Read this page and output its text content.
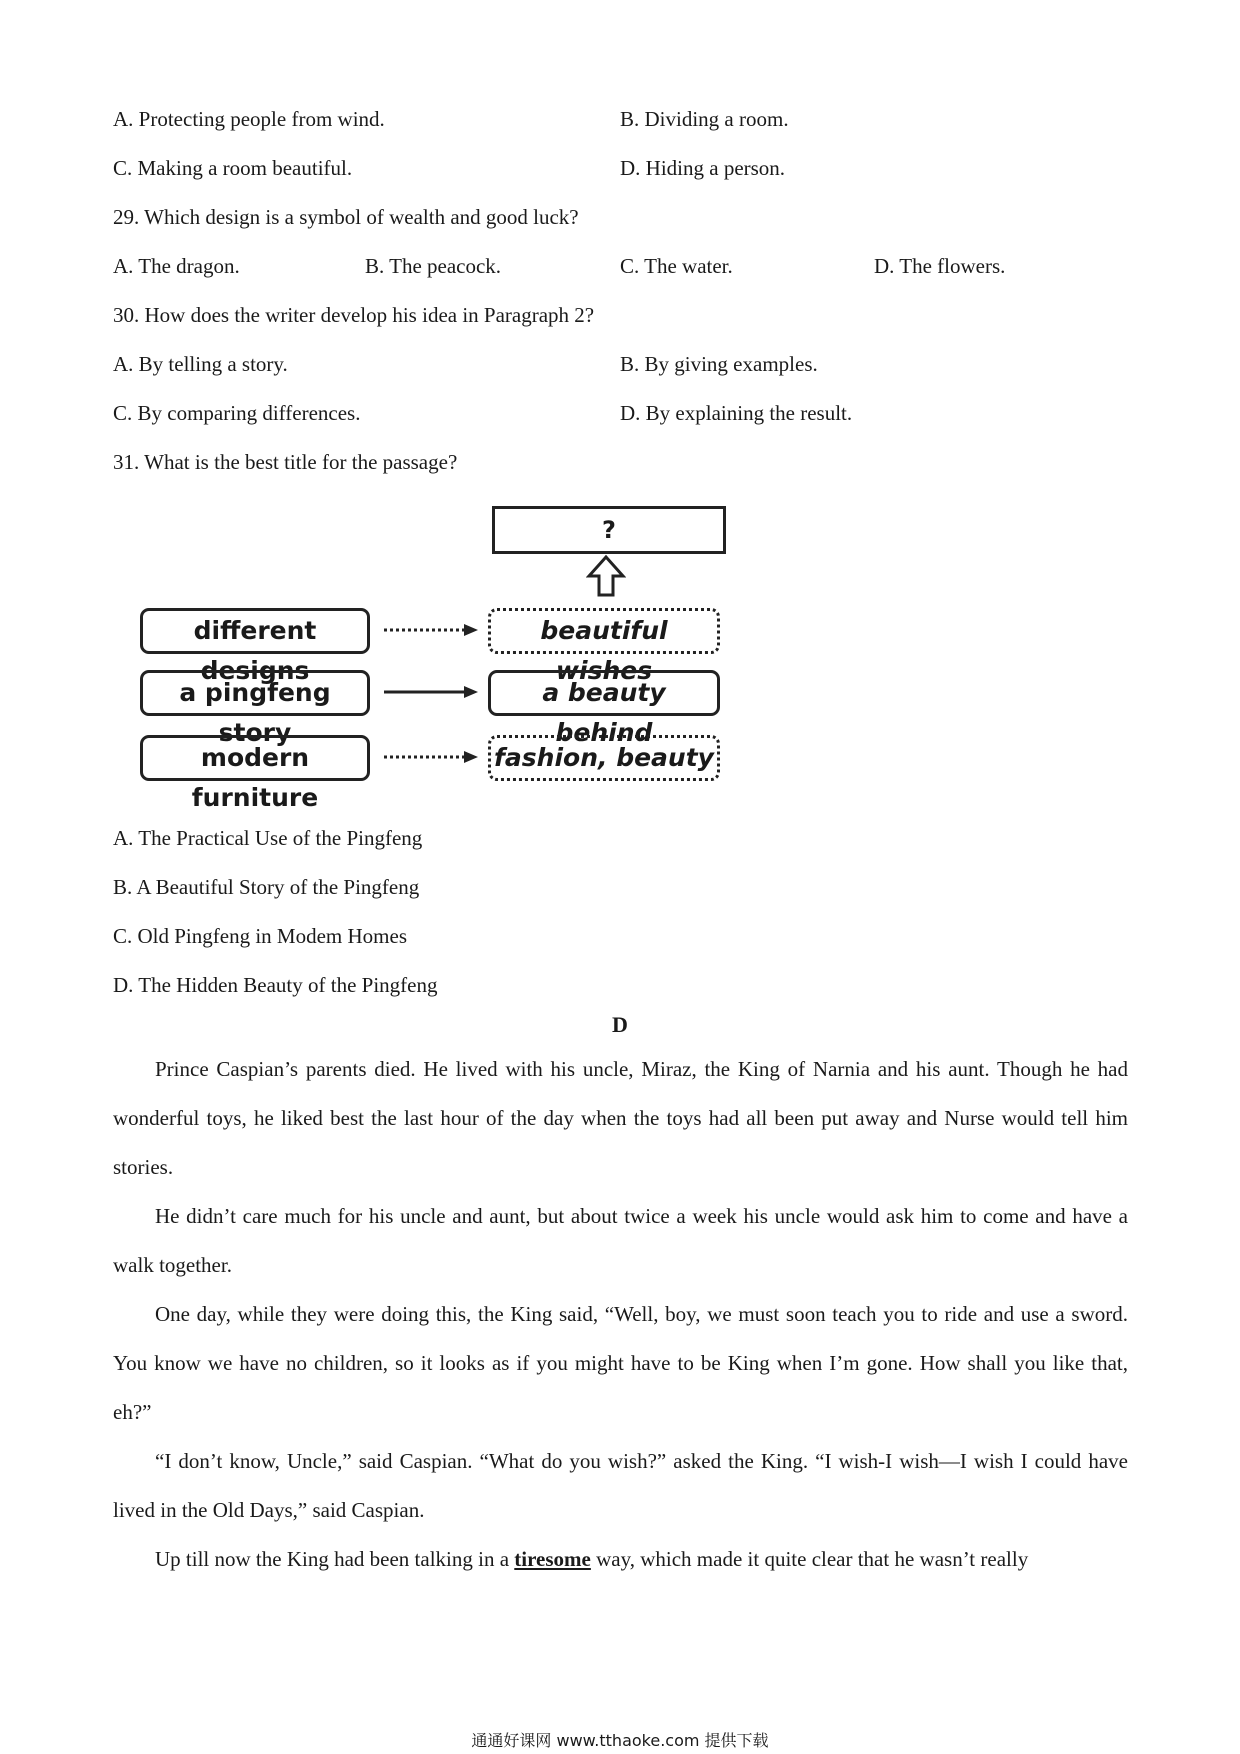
A. Protecting people from wind.	B. Dividing a room.
C. Making a room beautiful.	D. Hiding a person.
29. Which design is a symbol of wealth and good luck?
A. The dragon.	B. The peacock.	C. The water.	D. The flowers.
30. How does the writer develop his idea in Paragraph 2?
A. By telling a story.	B. By giving examples.
C. By comparing differences.	D. By explaining the result.
31. What is the best title for the passage?
?
different designs
a pingfeng story
modern furniture
beautiful wishes
a beauty behind
fashion, beauty
A. The Practical Use of the Pingfeng
B. A Beautiful Story of the Pingfeng
C. Old Pingfeng in Modem Homes
D. The Hidden Beauty of the Pingfeng
D
Prince Caspian’s parents died. He lived with his uncle, Miraz, the King of Narnia and his aunt. Though he had wonderful toys, he liked best the last hour of the day when the toys had all been put away and Nurse would tell him stories.
He didn’t care much for his uncle and aunt, but about twice a week his uncle would ask him to come and have a walk together.
One day, while they were doing this, the King said, “Well, boy, we must soon teach you to ride and use a sword. You know we have no children, so it looks as if you might have to be King when I’m gone. How shall you like that, eh?”
“I don’t know, Uncle,” said Caspian. “What do you wish?” asked the King. “I wish-I wish—I wish I could have lived in the Old Days,” said Caspian.
Up till now the King had been talking in a tiresome way, which made it quite clear that he wasn’t really
通通好课网 www.tthaoke.com 提供下载
